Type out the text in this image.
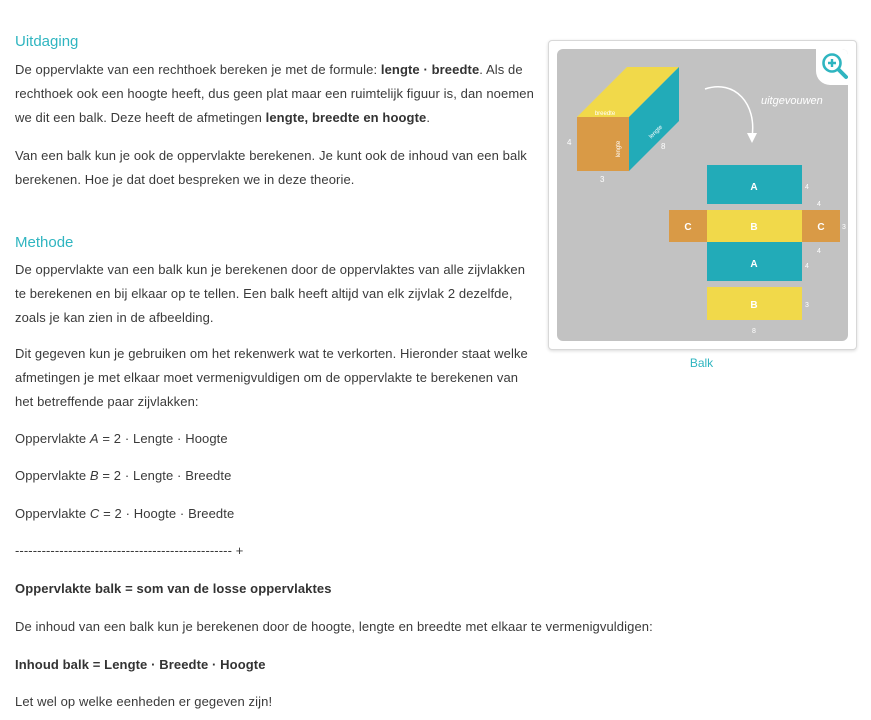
Uitdaging

De oppervlakte van een rechthoek bereken je met de formule: lengte · breedte. Als de rechthoek ook een hoogte heeft, dus geen plat maar een ruimtelijk figuur is, dan noemen we dit een balk. Deze heeft de afmetingen lengte, breedte en hoogte.

Van een balk kun je ook de oppervlakte berekenen. Je kunt ook de inhoud van een balk berekenen. Hoe je dat doet bespreken we in deze theorie.

Methode

De oppervlakte van een balk kun je berekenen door de oppervlaktes van alle zijvlakken te berekenen en bij elkaar op te tellen. Een balk heeft altijd van elk zijvlak 2 dezelfde, zoals je kan zien in de afbeelding.

Dit gegeven kun je gebruiken om het rekenwerk wat te verkorten. Hieronder staat welke afmetingen je met elkaar moet vermenigvuldigen om de oppervlakte te berekenen van het betreffende paar zijvlakken:

Oppervlakte A = 2 · Lengte · Hoogte

Oppervlakte B = 2 · Lengte · Breedte

Oppervlakte C = 2 · Hoogte · Breedte

------------------------------------------------- +

Oppervlakte balk = som van de losse oppervlaktes

De inhoud van een balk kun je berekenen door de hoogte, lengte en breedte met elkaar te vermenigvuldigen:

Inhoud balk = Lengte · Breedte · Hoogte

Let wel op welke eenheden er gegeven zijn!

breedte
lengte
lengte
4
3
8
uitgevouwen
A
C	B	C
A
B
4
4
3
4
4
3
8
Balk
